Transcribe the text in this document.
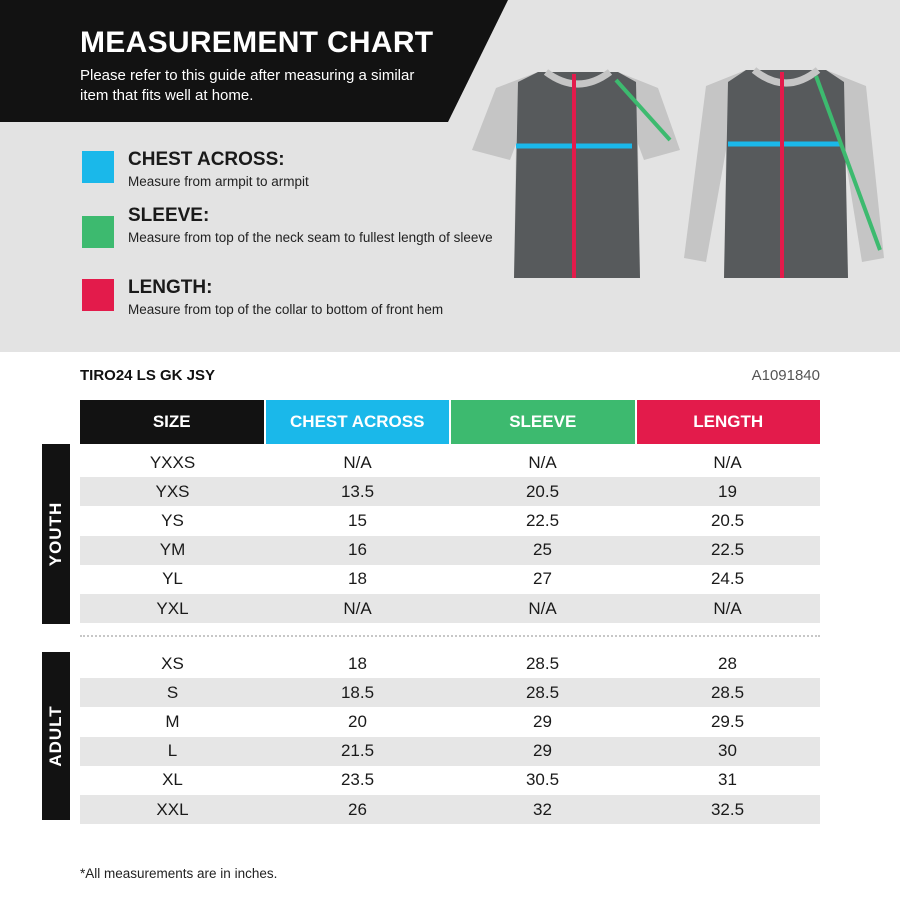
MEASUREMENT CHART
Please refer to this guide after measuring a similar item that fits well at home.
CHEST ACROSS:
Measure from armpit to armpit
SLEEVE:
Measure from top of the neck seam to fullest length of sleeve
LENGTH:
Measure from top of the collar to bottom of front hem
TIRO24 LS GK JSY	A1091840
SIZE	CHEST ACROSS	SLEEVE	LENGTH
YOUTH
YXXS	N/A	N/A	N/A
YXS	13.5	20.5	19
YS	15	22.5	20.5
YM	16	25	22.5
YL	18	27	24.5
YXL	N/A	N/A	N/A
ADULT
XS	18	28.5	28
S	18.5	28.5	28.5
M	20	29	29.5
L	21.5	29	30
XL	23.5	30.5	31
XXL	26	32	32.5
*All measurements are in inches.
